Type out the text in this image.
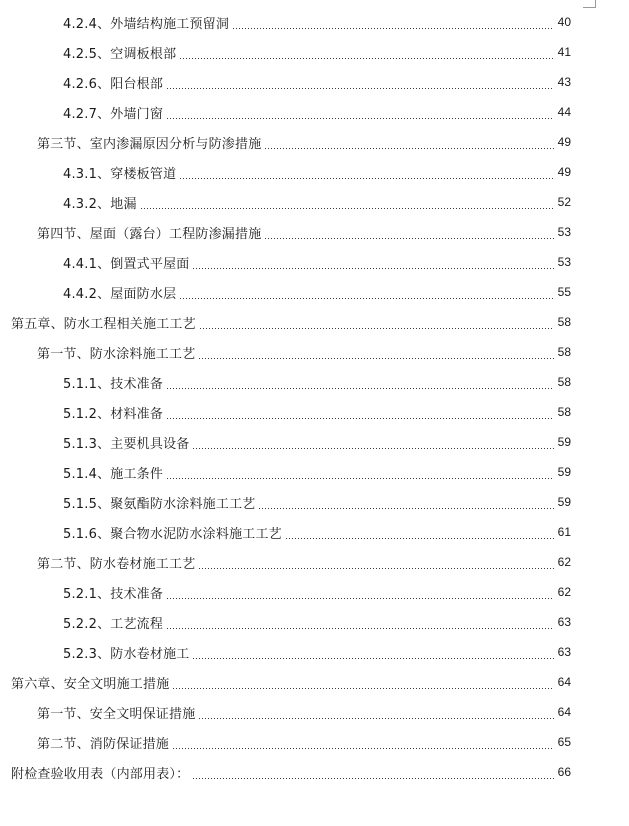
4.2.4、外墙结构施工预留洞	40
4.2.5、空调板根部	41
4.2.6、阳台根部	43
4.2.7、外墙门窗	44
第三节、室内渗漏原因分析与防渗措施	49
4.3.1、穿楼板管道	49
4.3.2、地漏	52
第四节、屋面（露台）工程防渗漏措施	53
4.4.1、倒置式平屋面	53
4.4.2、屋面防水层	55
第五章、防水工程相关施工工艺	58
第一节、防水涂料施工工艺	58
5.1.1、技术准备	58
5.1.2、材料准备	58
5.1.3、主要机具设备	59
5.1.4、施工条件	59
5.1.5、聚氨酯防水涂料施工工艺	59
5.1.6、聚合物水泥防水涂料施工工艺	61
第二节、防水卷材施工工艺	62
5.2.1、技术准备	62
5.2.2、工艺流程	63
5.2.3、防水卷材施工	63
第六章、安全文明施工措施	64
第一节、安全文明保证措施	64
第二节、消防保证措施	65
附检查验收用表（内部用表）：	66
